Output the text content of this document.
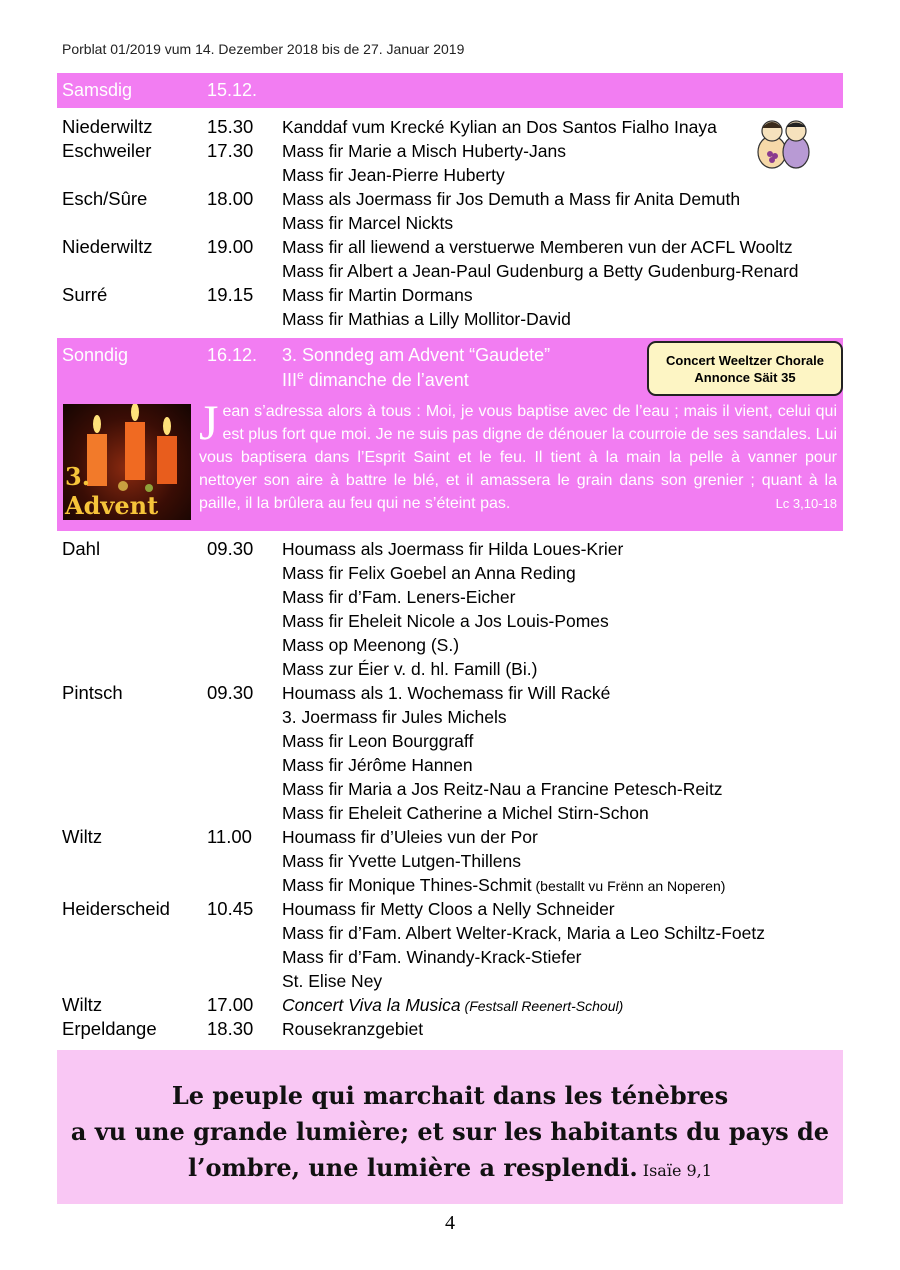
Porblat 01/2019 vum 14. Dezember 2018 bis de 27. Januar 2019
Samsdig	15.12.
Niederwiltz	15.30 Kanddaf vum Krecké Kylian an Dos Santos Fialho Inaya
Eschweiler	17.30 Mass fir Marie a Misch Huberty-Jans
Mass fir Jean-Pierre Huberty
Esch/Sûre	18.00 Mass als Joermass fir Jos Demuth a Mass fir Anita Demuth
Mass fir Marcel Nickts
Niederwiltz	19.00 Mass fir all liewend a verstuerwe Memberen vun der ACFL Wooltz
Mass fir Albert a Jean-Paul Gudenburg a Betty Gudenburg-Renard
Surré	19.15 Mass fir Martin Dormans
Mass fir Mathias a Lilly Mollitor-David
Sonndig	16.12. 3. Sonndeg am Advent “Gaudete”
IIIe dimanche de l’avent
Concert Weeltzer Chorale
Annonce Säit 35
3. Advent
Jean s’adressa alors à tous : Moi, je vous baptise avec de l’eau ; mais il vient, celui qui est plus fort que moi. Je ne suis pas digne de dénouer la courroie de ses sandales. Lui vous baptisera dans l’Esprit Saint et le feu. Il tient à la main la pelle à vanner pour nettoyer son aire à battre le blé, et il amassera le grain dans son grenier ; quant à la paille, il la brûlera au feu qui ne s’éteint pas.	Lc 3,10-18
Dahl	09.30 Houmass als Joermass fir Hilda Loues-Krier
Mass fir Felix Goebel an Anna Reding
Mass fir d’Fam. Leners-Eicher
Mass fir Eheleit Nicole a Jos Louis-Pomes
Mass op Meenong (S.)
Mass zur Éier v. d. hl. Famill (Bi.)
Pintsch	09.30 Houmass als 1. Wochemass fir Will Racké
3. Joermass fir Jules Michels
Mass fir Leon Bourggraff
Mass fir Jérôme Hannen
Mass fir Maria a Jos Reitz-Nau a Francine Petesch-Reitz
Mass fir Eheleit Catherine a Michel Stirn-Schon
Wiltz	11.00 Houmass fir d’Uleies vun der Por
Mass fir Yvette Lutgen-Thillens
Mass fir Monique Thines-Schmit (bestallt vu Frënn an Noperen)
Heiderscheid 10.45 Houmass fir Metty Cloos a Nelly Schneider
Mass fir d’Fam. Albert Welter-Krack, Maria a Leo Schiltz-Foetz
Mass fir d’Fam. Winandy-Krack-Stiefer
St. Elise Ney
Wiltz	17.00 Concert Viva la Musica (Festsall Reenert-Schoul)
Erpeldange	18.30 Rousekranzgebiet
Le peuple qui marchait dans les ténèbres
a vu une grande lumière; et sur les habitants du pays de
l’ombre, une lumière a resplendi. Isaïe 9,1
4
